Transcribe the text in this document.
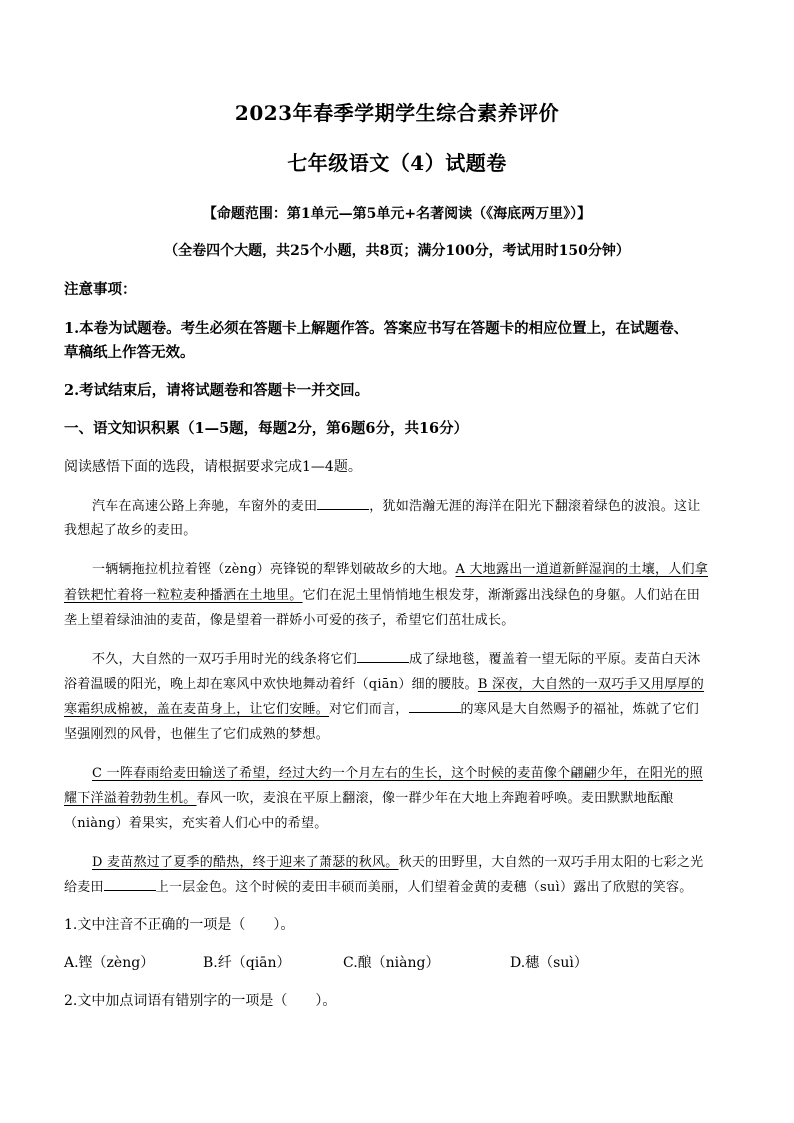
2023年春季学期学生综合素养评价
七年级语文（4）试题卷
【命题范围：第1单元—第5单元+名著阅读（《海底两万里》）】
（全卷四个大题，共25个小题，共8页；满分100分，考试用时150分钟）
注意事项：
1.本卷为试题卷。考生必须在答题卡上解题作答。答案应书写在答题卡的相应位置上，在试题卷、
草稿纸上作答无效。
2.考试结束后，请将试题卷和答题卡一并交回。
一、语文知识积累（1—5题，每题2分，第6题6分，共16分）
阅读感悟下面的选段，请根据要求完成1—4题。
汽车在高速公路上奔驰，车窗外的麦田	，犹如浩瀚无涯的海洋在阳光下翻滚着绿色的波浪。这让
我想起了故乡的麦田。
一辆辆拖拉机拉着铿（zèng）亮锋锐的犁铧划破故乡的大地。A 大地露出一道道新鲜湿润的土壤，人们拿
着铁耙忙着将一粒粒麦种播洒在土地里。它们在泥土里悄悄地生根发芽，渐渐露出浅绿色的身躯。人们站在田
垄上望着绿油油的麦苗，像是望着一群娇小可爱的孩子，希望它们茁壮成长。
不久，大自然的一双巧手用时光的线条将它们	成了绿地毯，覆盖着一望无际的平原。麦苗白天沐
浴着温暖的阳光，晚上却在寒风中欢快地舞动着纤（qiān）细的腰肢。B 深夜，大自然的一双巧手又用厚厚的
寒霜织成棉被，盖在麦苗身上，让它们安睡。对它们而言，	的寒风是大自然赐予的福祉，炼就了它们
坚强刚烈的风骨，也催生了它们成熟的梦想。
C 一阵春雨给麦田输送了希望，经过大约一个月左右的生长，这个时候的麦苗像个翩翩少年，在阳光的照
耀下洋溢着勃勃生机。春风一吹，麦浪在平原上翻滚，像一群少年在大地上奔跑着呼唤。麦田默默地酝酿
（niàng）着果实，充实着人们心中的希望。
D 麦苗熬过了夏季的酷热，终于迎来了萧瑟的秋风。秋天的田野里，大自然的一双巧手用太阳的七彩之光
给麦田	上一层金色。这个时候的麦田丰硕而美丽，人们望着金黄的麦穗（suì）露出了欣慰的笑容。
1.文中注音不正确的一项是（　　）。
A.铿（zèng）	B.纤（qiān）	C.酿（niàng）	D.穗（suì）
2.文中加点词语有错别字的一项是（　　）。
